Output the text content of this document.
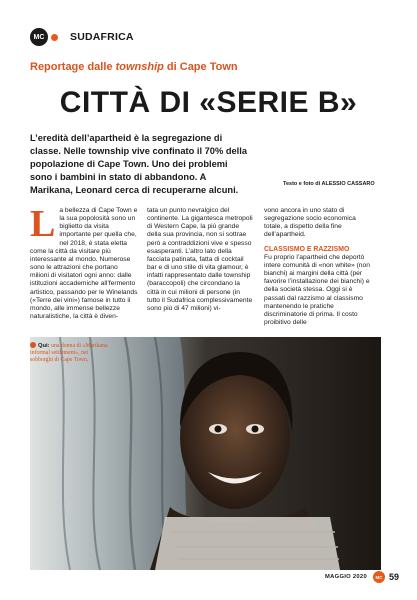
MC	SUDAFRICA
Reportage dalle township di Cape Town
CITTÀ DI «SERIE B»

L’eredità dell’apartheid è la segregazione di classe. Nelle township vive confinato il 70% della popolazione di Cape Town. Uno dei problemi sono i bambini in stato di abbandono. A Marikana, Leonard cerca di recuperarne alcuni.

Testo e foto di ALESSIO CASSARO
L a bellezza di Cape Town e la sua popolosità sono un biglietto da visita importante per quella che, nel 2018, è stata eletta come la città da visitare più interessante al mondo. Numerose sono le attrazioni che portano milioni di visitatori ogni anno: dalle istituzioni accademiche all’fermento artistico, passando per le Winelands («Terre dei vini») famose in tutto il mondo, alle immense bellezze naturalistiche, la città è diven-
tata un punto nevralgico del continente. La gigantesca metropoli di Western Cape, la più grande della sua provincia, non si sottrae però a contraddizioni vive e spesso esasperanti. L’altro lato della facciata patinata, fatta di cocktail bar e di uno stile di vita glamour, è infatti rappresentato dalle township (baraccopoli) che circondano la città in cui milioni di persone (in tutto il Sudafrica complessivamente sono più di 47 milioni) vi-
vono ancora in uno stato di segregazione socio economica totale, a dispetto della fine dell’apartheid.
CLASSISMO E RAZZISMO
Fu proprio l’apartheid che deportò intere comunità di «non white» (non bianchi) ai margini della città (per favorire l’installazione dei bianchi) e della società stessa. Oggi si è passati dal razzismo al classismo mantenendo le pratiche discriminatorie di prima. Il costo proibitivo delle
Qui: una donna di «Marikana informal settlement», nei sobborghi di Cape Town.
MAGGIO 2020	MC 59
